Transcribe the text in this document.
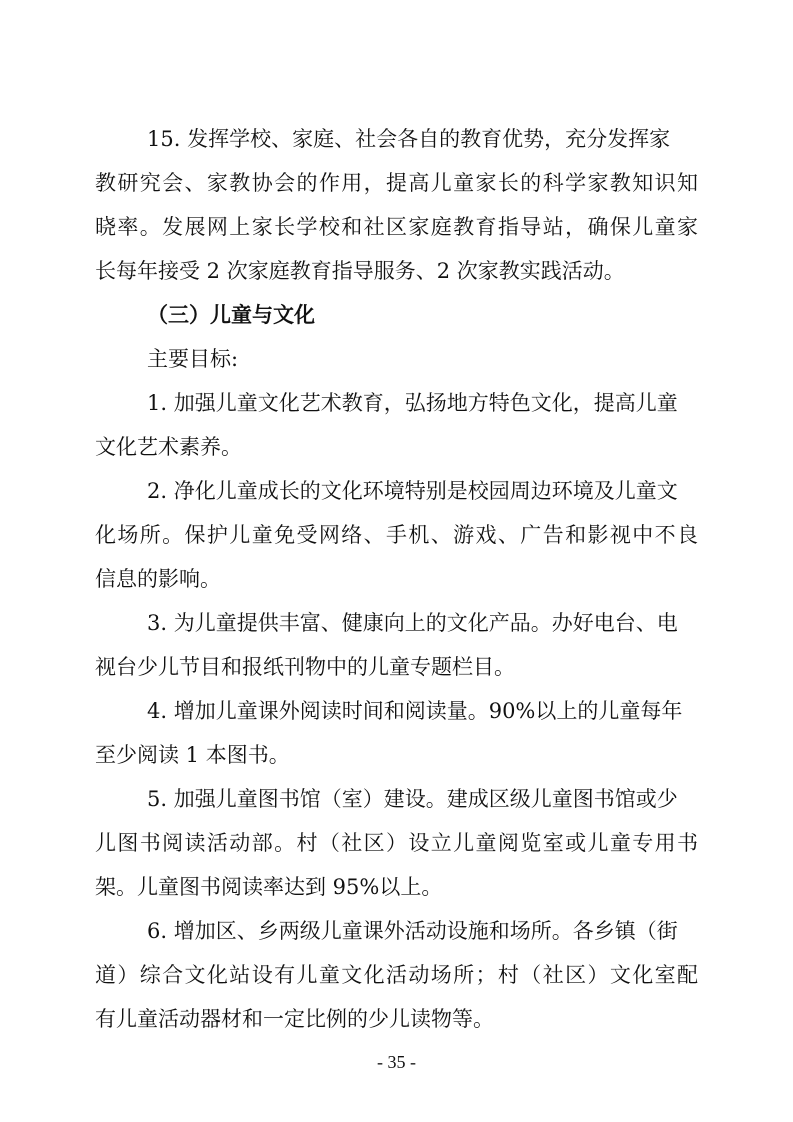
15. 发挥学校、家庭、社会各自的教育优势，充分发挥家
教研究会、家教协会的作用，提高儿童家长的科学家教知识知
晓率。发展网上家长学校和社区家庭教育指导站，确保儿童家
长每年接受 2 次家庭教育指导服务、2 次家教实践活动。
（三）儿童与文化
主要目标:
1. 加强儿童文化艺术教育，弘扬地方特色文化，提高儿童
文化艺术素养。
2. 净化儿童成长的文化环境特别是校园周边环境及儿童文
化场所。保护儿童免受网络、手机、游戏、广告和影视中不良
信息的影响。
3. 为儿童提供丰富、健康向上的文化产品。办好电台、电
视台少儿节目和报纸刊物中的儿童专题栏目。
4. 增加儿童课外阅读时间和阅读量。90%以上的儿童每年
至少阅读 1 本图书。
5. 加强儿童图书馆（室）建设。建成区级儿童图书馆或少
儿图书阅读活动部。村（社区）设立儿童阅览室或儿童专用书
架。儿童图书阅读率达到 95%以上。
6. 增加区、乡两级儿童课外活动设施和场所。各乡镇（街
道）综合文化站设有儿童文化活动场所；村（社区）文化室配
有儿童活动器材和一定比例的少儿读物等。
- 35 -
